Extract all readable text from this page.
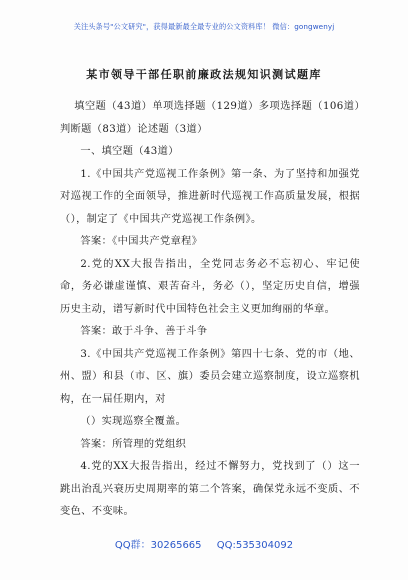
关注头条号"公文研究"，获得最新最全最专业的公文资料库！ 微信：gongwenyj
某市领导干部任职前廉政法规知识测试题库

填空题（43道）单项选择题（129道）多项选择题（106道）判断题（83道）论述题（3道）

一、填空题（43道）

1.《中国共产党巡视工作条例》第一条、为了坚持和加强党对巡视工作的全面领导，推进新时代巡视工作高质量发展，根据（），制定了《中国共产党巡视工作条例》。

答案：《中国共产党章程》

2.党的XX大报告指出，全党同志务必不忘初心、牢记使命，务必谦虚谨慎、艰苦奋斗，务必（），坚定历史自信，增强历史主动，谱写新时代中国特色社会主义更加绚丽的华章。

答案：敢于斗争、善于斗争

3.《中国共产党巡视工作条例》第四十七条、党的市（地、州、盟）和县（市、区、旗）委员会建立巡察制度，设立巡察机构，在一届任期内，对

（）实现巡察全覆盖。

答案：所管理的党组织

4.党的XX大报告指出，经过不懈努力，党找到了（）这一跳出治乱兴衰历史周期率的第二个答案，确保党永远不变质、不变色、不变味。

QQ群：30265665 QQ:535304092
